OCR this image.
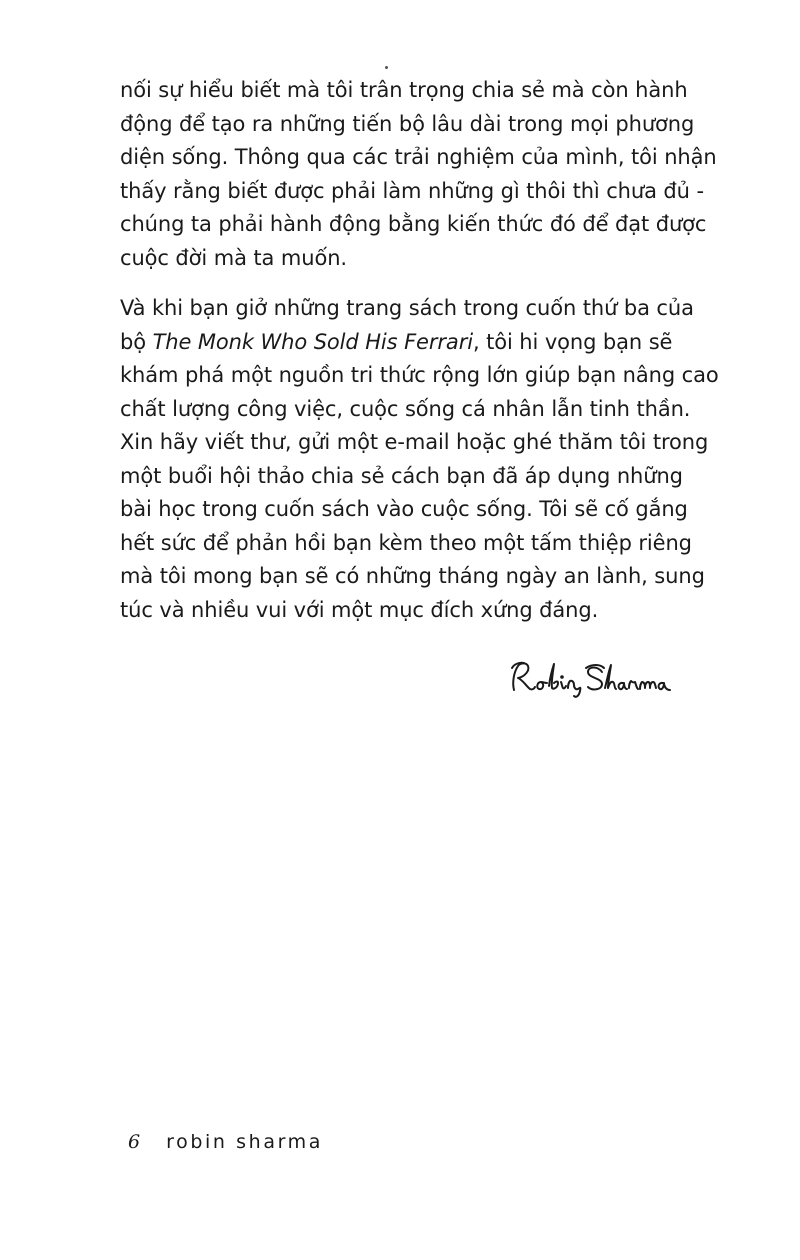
nối sự hiểu biết mà tôi trân trọng chia sẻ mà còn hành
động để tạo ra những tiến bộ lâu dài trong mọi phương
diện sống. Thông qua các trải nghiệm của mình, tôi nhận
thấy rằng biết được phải làm những gì thôi thì chưa đủ -
chúng ta phải hành động bằng kiến thức đó để đạt được
cuộc đời mà ta muốn.

Và khi bạn giở những trang sách trong cuốn thứ ba của
bộ The Monk Who Sold His Ferrari, tôi hi vọng bạn sẽ
khám phá một nguồn tri thức rộng lớn giúp bạn nâng cao
chất lượng công việc, cuộc sống cá nhân lẫn tinh thần.
Xin hãy viết thư, gửi một e-mail hoặc ghé thăm tôi trong
một buổi hội thảo chia sẻ cách bạn đã áp dụng những
bài học trong cuốn sách vào cuộc sống. Tôi sẽ cố gắng
hết sức để phản hồi bạn kèm theo một tấm thiệp riêng
mà tôi mong bạn sẽ có những tháng ngày an lành, sung
túc và nhiều vui với một mục đích xứng đáng.

6 robin sharma
